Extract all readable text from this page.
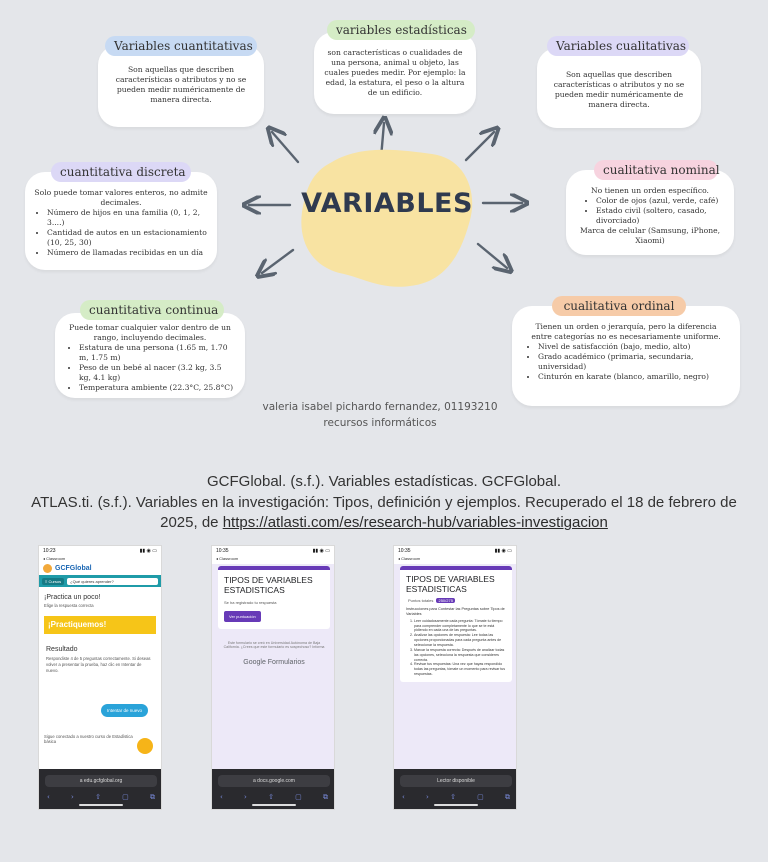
VARIABLES
son características o cualidades de una persona, animal u objeto, las cuales puedes medir. Por ejemplo: la edad, la estatura, el peso o la altura de un edificio.
variables estadísticas
Son aquellas que describen características o atributos y no se pueden medir numéricamente de manera directa.
Variables cuantitativas
Son aquellas que describen características o atributos y no se pueden medir numéricamente de manera directa.
Variables cualitativas
Solo puede tomar valores enteros, no admite decimales.
• Número de hijos en una familia (0, 1, 2, 3....)
• Cantidad de autos en un estacionamiento (10, 25, 30)
• Número de llamadas recibidas en un día
cuantitativa discreta
No tienen un orden específico.
• Color de ojos (azul, verde, café)
• Estado civil (soltero, casado, divorciado)
Marca de celular (Samsung, iPhone, Xiaomi)
cualitativa nominal
Puede tomar cualquier valor dentro de un rango, incluyendo decimales.
• Estatura de una persona (1.65 m, 1.70 m, 1.75 m)
• Peso de un bebé al nacer (3.2 kg, 3.5 kg, 4.1 kg)
• Temperatura ambiente (22.3°C, 25.8°C)
cuantitativa continua
Tienen un orden o jerarquía, pero la diferencia entre categorías no es necesariamente uniforme.
• Nivel de satisfacción (bajo, medio, alto)
• Grado académico (primaria, secundaria, universidad)
• Cinturón en karate (blanco, amarillo, negro)
cualitativa ordinal
valeria isabel pichardo fernandez, 01193210
recursos informáticos
GCFGlobal. (s.f.). Variables estadísticas. GCFGlobal.
ATLAS.ti. (s.f.). Variables en la investigación: Tipos, definición y ejemplos. Recuperado el 18 de febrero de 2025, de https://atlasti.com/es/research-hub/variables-investigacion
10:23	▮▮ ◉ ▭
◂ Classroom
GCFGlobal
≡ Cursos	¿Qué quieres aprender?
¡Practica un poco!
Elige la respuesta correcta
¡Practiquemos!
Resultado
Respondiste 4 de 5 preguntas correctamente. Si deseas volver a presentar la prueba, haz clic en Intentar de nuevo.
Intentar de nuevo
Sigue conectado a nuestro curso de Estadística básica
a edu.gcfglobal.org
‹	›	⇧	▢	⧉
10:35	▮▮ ◉ ▭
◂ Classroom
TIPOS DE VARIABLES ESTADISTICAS
Se ha registrado tu respuesta
Ver puntuación
Este formulario se creó en Universidad Autónoma de Baja California. ¿Crees que este formulario es sospechoso? Informa
Google Formularios
a docs.google.com
‹	›	⇧	▢	⧉
10:35	▮▮ ◉ ▭
◂ Classroom
TIPOS DE VARIABLES ESTADISTICAS
Puntos totales 250/275
Instrucciones para Contestar las Preguntas sobre Tipos de Variables
1. Leer cuidadosamente cada pregunta: Tómate tu tiempo para comprender completamente lo que se te está pidiendo en cada una de las preguntas.
2. Analizar las opciones de respuesta: Lee todas las opciones proporcionadas para cada pregunta antes de seleccionar la respuesta.
3. Marcar la respuesta correcta: Después de analizar todas las opciones, selecciona la respuesta que consideres correcta.
4. Revisar tus respuestas: Una vez que hayas respondido todas las preguntas, tómate un momento para revisar tus respuestas.
Lector disponible
‹	›	⇧	▢	⧉
